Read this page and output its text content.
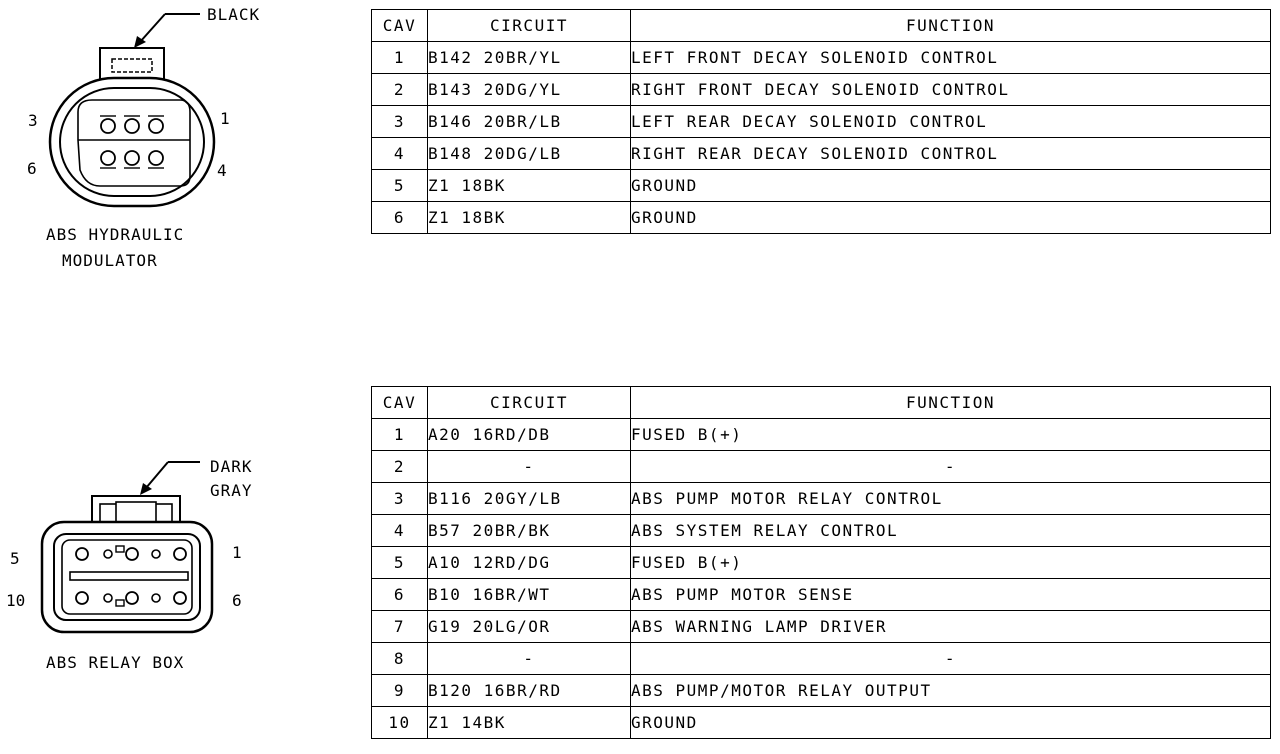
BLACK
3	1
6	4
ABS HYDRAULIC
MODULATOR
CAV	CIRCUIT	FUNCTION
1	B142 20BR/YL	LEFT FRONT DECAY SOLENOID CONTROL
2	B143 20DG/YL	RIGHT FRONT DECAY SOLENOID CONTROL
3	B146 20BR/LB	LEFT REAR DECAY SOLENOID CONTROL
4	B148 20DG/LB	RIGHT REAR DECAY SOLENOID CONTROL
5	Z1 18BK	GROUND
6	Z1 18BK	GROUND
DARK
GRAY
5	1
10	6
ABS RELAY BOX
CAV	CIRCUIT	FUNCTION
1	A20 16RD/DB	FUSED B(+)
2	-	-
3	B116 20GY/LB	ABS PUMP MOTOR RELAY CONTROL
4	B57 20BR/BK	ABS SYSTEM RELAY CONTROL
5	A10 12RD/DG	FUSED B(+)
6	B10 16BR/WT	ABS PUMP MOTOR SENSE
7	G19 20LG/OR	ABS WARNING LAMP DRIVER
8	-	-
9	B120 16BR/RD	ABS PUMP/MOTOR RELAY OUTPUT
10	Z1 14BK	GROUND
